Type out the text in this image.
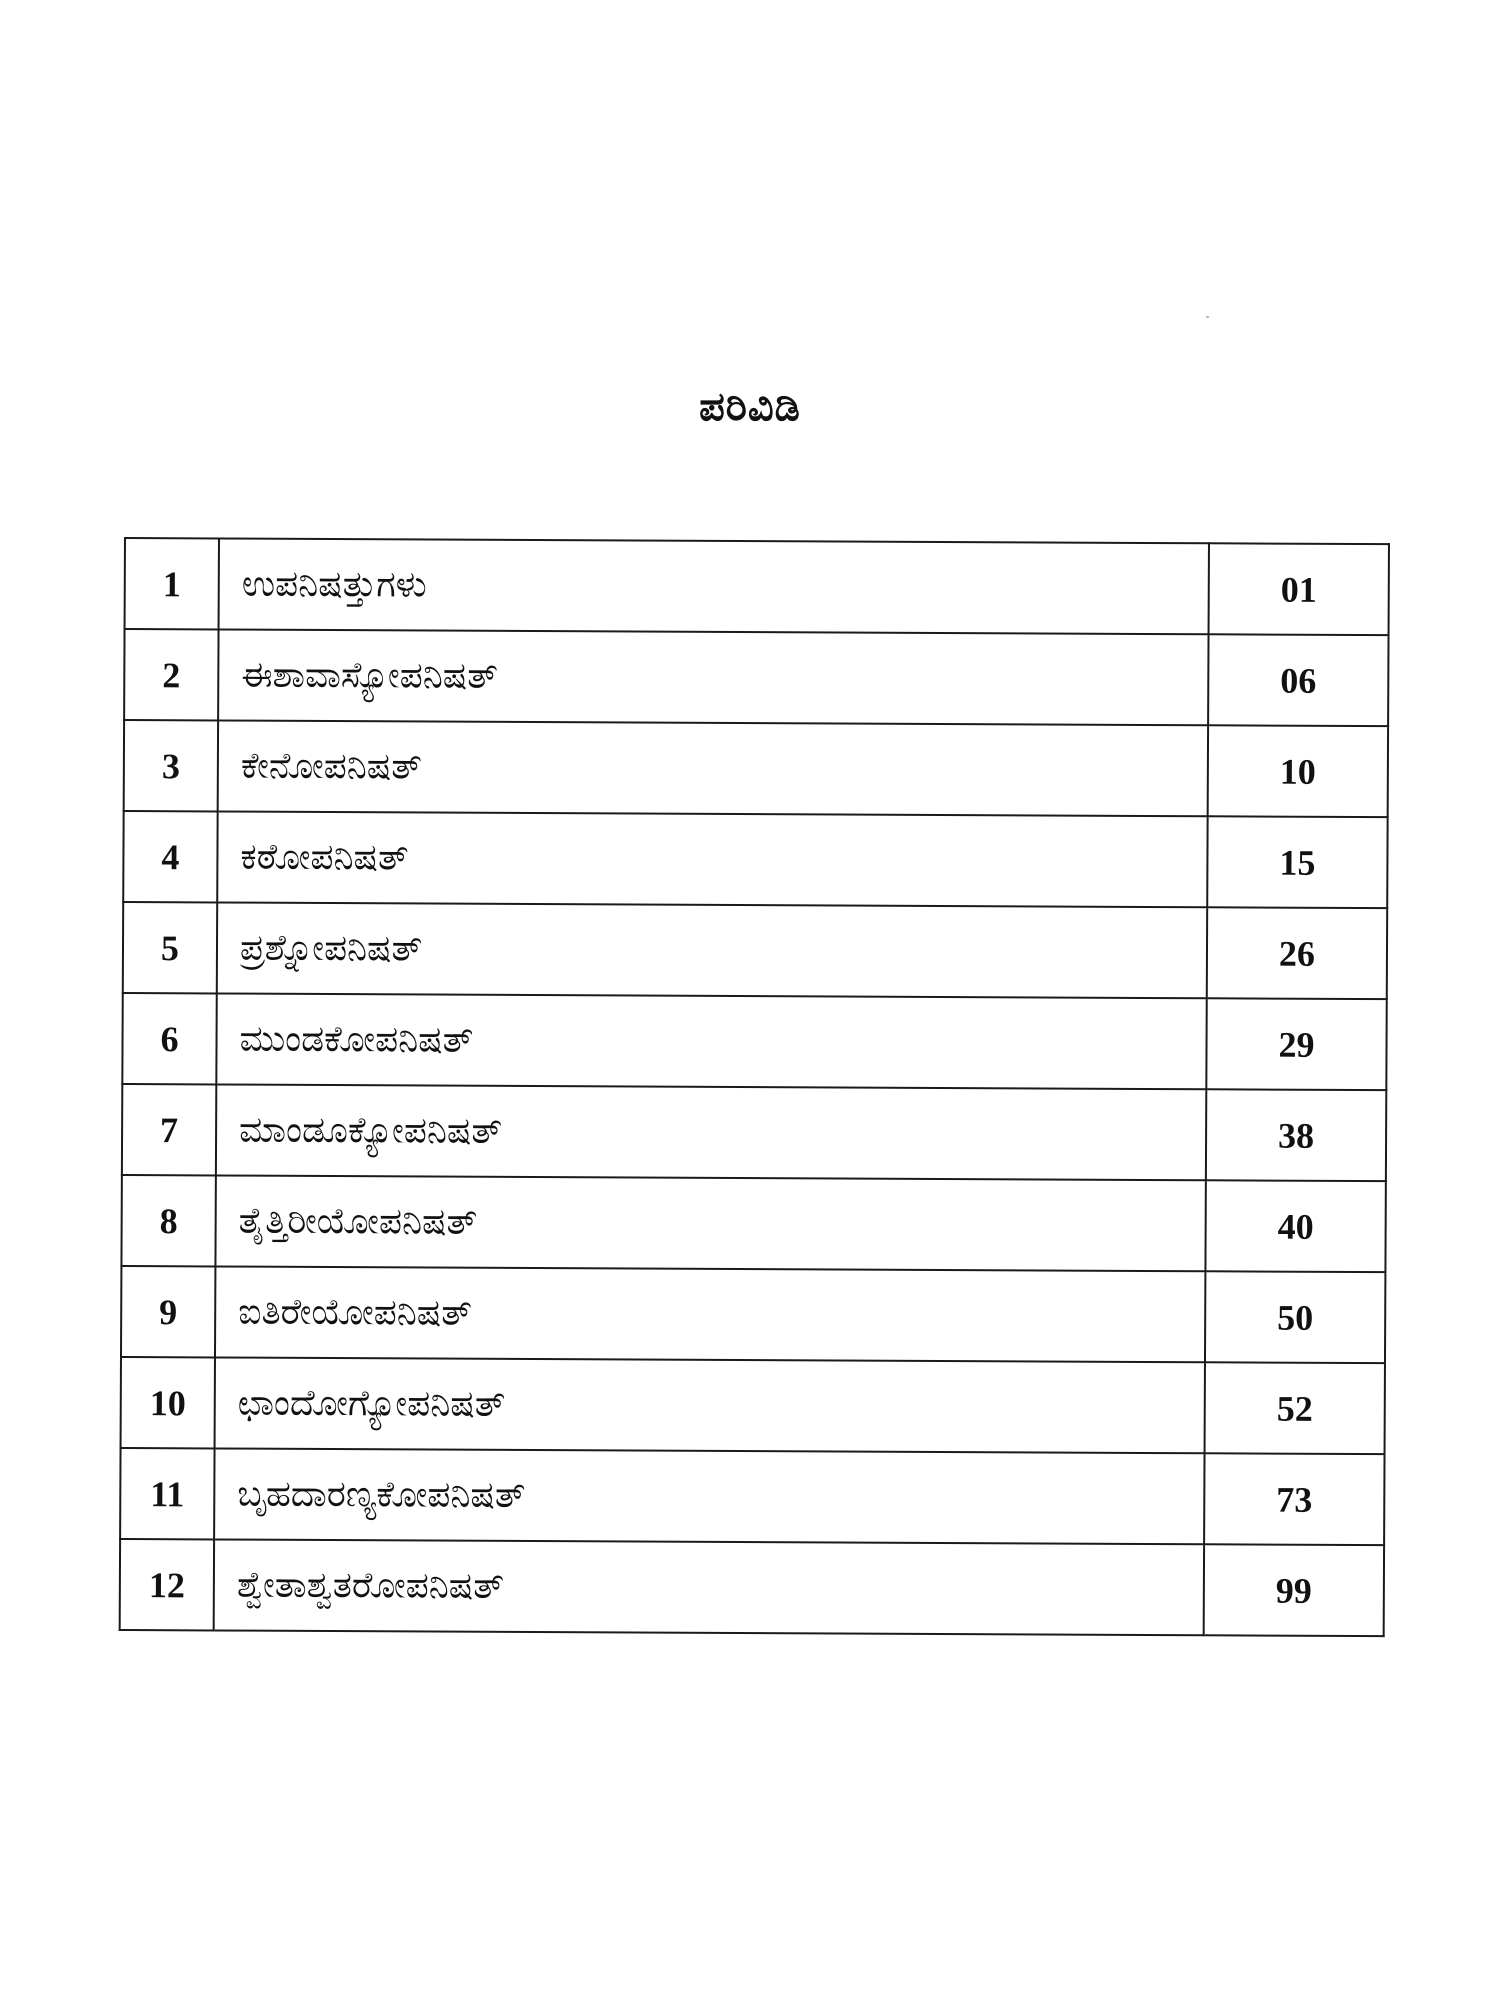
ಪರಿವಿಡಿ
1	ಉಪನಿಷತ್ತುಗಳು	01
2	ಈಶಾವಾಸ್ಯೋಪನಿಷತ್	06
3	ಕೇನೋಪನಿಷತ್	10
4	ಕಠೋಪನಿಷತ್	15
5	ಪ್ರಶ್ನೋಪನಿಷತ್	26
6	ಮುಂಡಕೋಪನಿಷತ್	29
7	ಮಾಂಡೂಕ್ಯೋಪನಿಷತ್	38
8	ತೈತ್ತಿರೀಯೋಪನಿಷತ್	40
9	ಐತಿರೇಯೋಪನಿಷತ್	50
10	ಛಾಂದೋಗ್ಯೋಪನಿಷತ್	52
11	ಬೃಹದಾರಣ್ಯಕೋಪನಿಷತ್	73
12	ಶ್ವೇತಾಶ್ವತರೋಪನಿಷತ್	99
